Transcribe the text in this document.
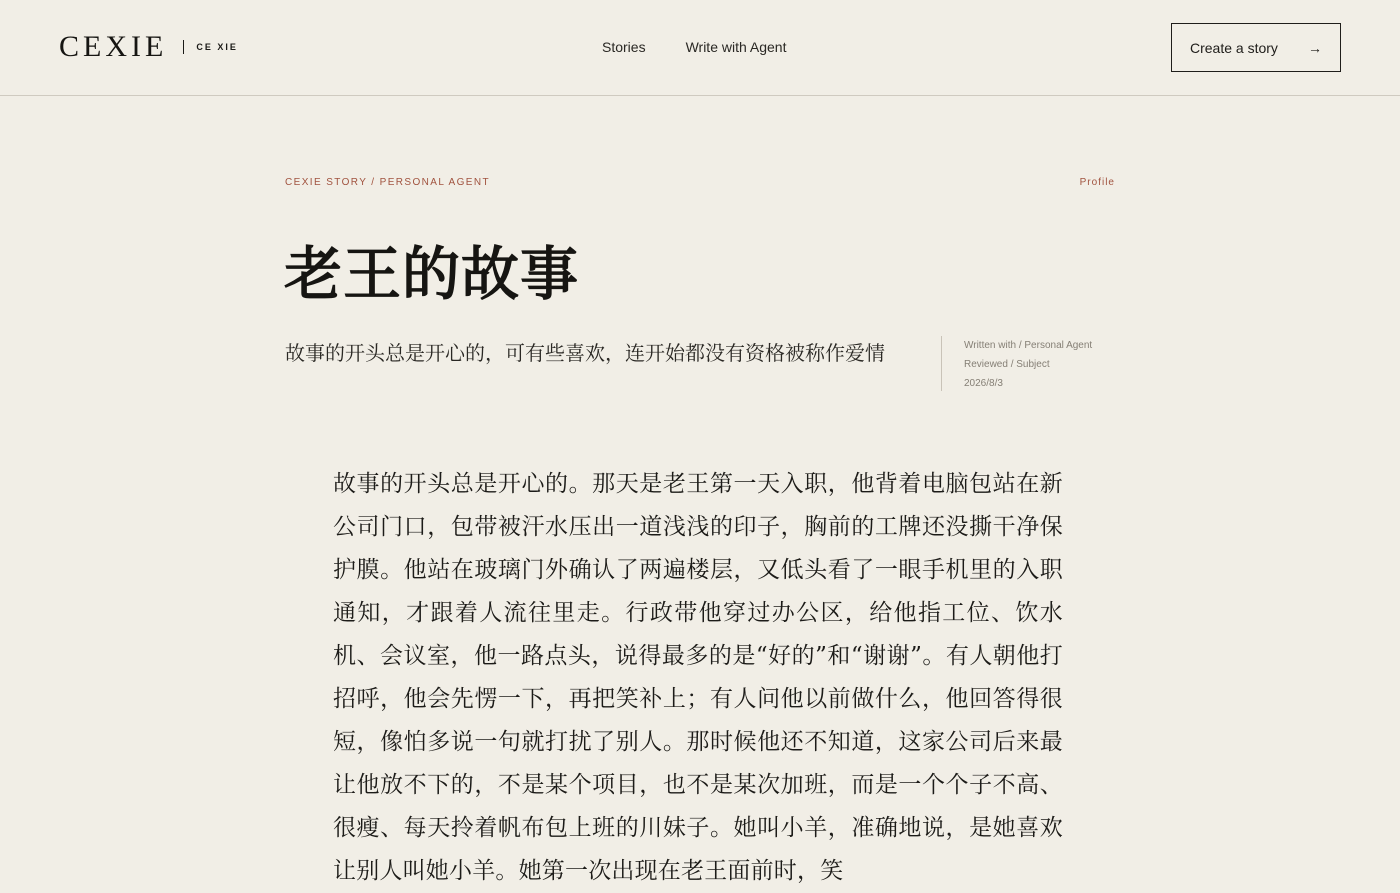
CEXIE	CE XIE	Stories	Write with Agent	Create a story →
CEXIE STORY / PERSONAL AGENT	Profile
老王的故事

故事的开头总是开心的，可有些喜欢，连开始都没有资格被称作爱情	Written with / Personal Agent
Reviewed / Subject
2026/8/3

故事的开头总是开心的。那天是老王第一天入职，他背着电脑包站在新公司门口，包带被汗水压出一道浅浅的印子，胸前的工牌还没撕干净保护膜。他站在玻璃门外确认了两遍楼层，又低头看了一眼手机里的入职通知，才跟着人流往里走。行政带他穿过办公区，给他指工位、饮水机、会议室，他一路点头，说得最多的是“好的”和“谢谢”。有人朝他打招呼，他会先愣一下，再把笑补上；有人问他以前做什么，他回答得很短，像怕多说一句就打扰了别人。那时候他还不知道，这家公司后来最让他放不下的，不是某个项目，也不是某次加班，而是一个个子不高、很瘦、每天拎着帆布包上班的川妹子。她叫小羊，准确地说，是她喜欢让别人叫她小羊。她第一次出现在老王面前时，笑
